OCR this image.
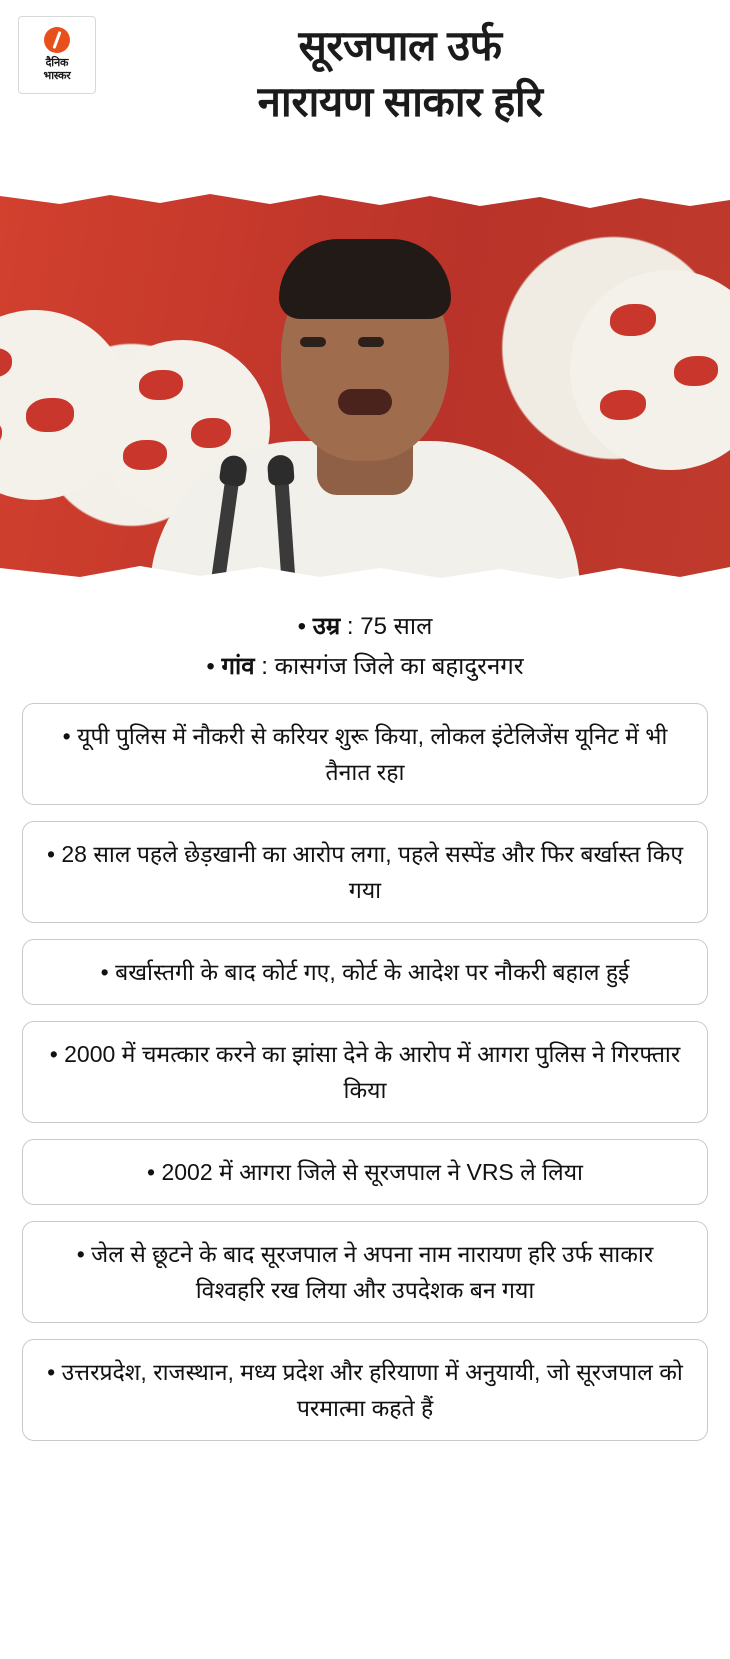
दैनिक
भास्कर
सूरजपाल उर्फ
नारायण साकार हरि
• उम्र : 75 साल
• गांव : कासगंज जिले का बहादुरनगर
• यूपी पुलिस में नौकरी से करियर शुरू किया, लोकल इंटेलिजेंस यूनिट में भी तैनात रहा
• 28 साल पहले छेड़खानी का आरोप लगा, पहले सस्पेंड और फिर बर्खास्त किए गया
• बर्खास्तगी के बाद कोर्ट गए, कोर्ट के आदेश पर नौकरी बहाल हुई
• 2000 में चमत्कार करने का झांसा देने के आरोप में आगरा पुलिस ने गिरफ्तार किया
• 2002 में आगरा जिले से सूरजपाल ने VRS ले लिया
• जेल से छूटने के बाद सूरजपाल ने अपना नाम नारायण हरि उर्फ साकार विश्वहरि रख लिया और उपदेशक बन गया
• उत्तरप्रदेश, राजस्थान, मध्य प्रदेश और हरियाणा में अनुयायी, जो सूरजपाल को परमात्मा कहते हैं
